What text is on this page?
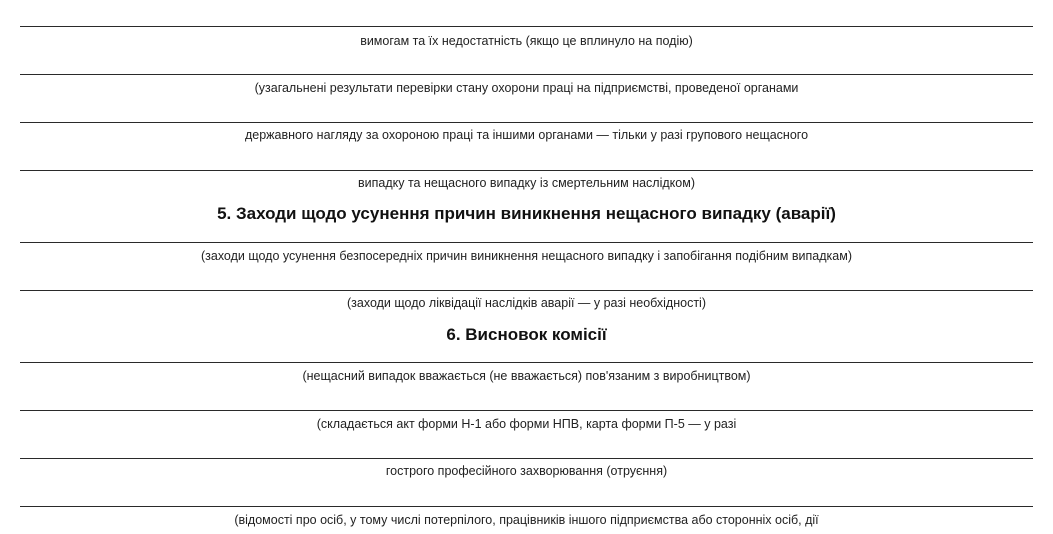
вимогам та їх недостатність (якщо це вплинуло на подію)
(узагальнені результати перевірки стану охорони праці на підприємстві, проведеної органами
державного нагляду за охороною праці та іншими органами — тільки у разі групового нещасного
випадку та нещасного випадку із смертельним наслідком)
5. Заходи щодо усунення причин виникнення нещасного випадку (аварії)
(заходи щодо усунення безпосередніх причин виникнення нещасного випадку і запобігання подібним випадкам)
(заходи щодо ліквідації наслідків аварії — у разі необхідності)
6. Висновок комісії
(нещасний випадок вважається (не вважається) пов'язаним з виробництвом)
(складається акт форми Н-1 або форми НПВ, карта форми П-5 — у разі
гострого професійного захворювання (отруєння)
(відомості про осіб, у тому числі потерпілого, працівників іншого підприємства або сторонніх осіб, дії
